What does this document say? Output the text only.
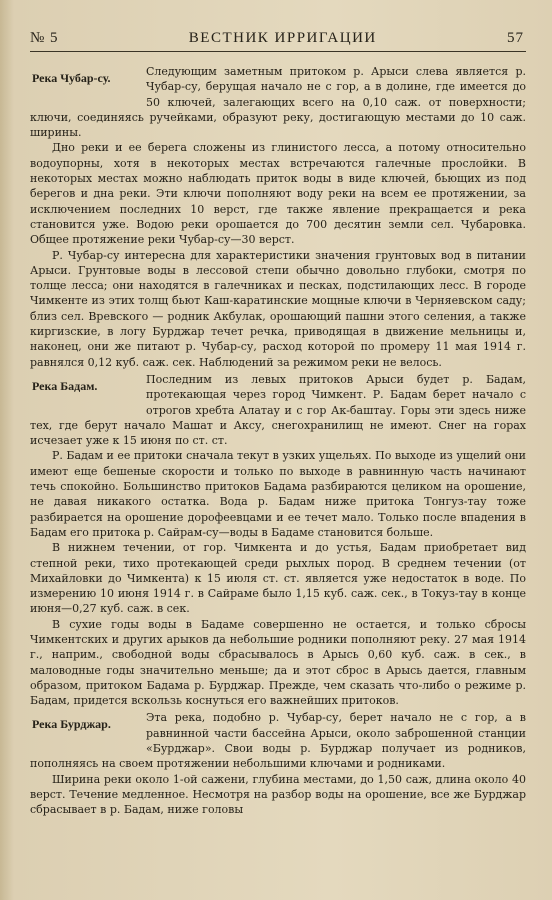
№ 5	ВЕСТНИК ИРРИГАЦИИ	57
Река Чубар-су.	Следующим заметным притоком р. Арыси слева является р. Чубар-су, берущая начало не с гор, а в долине, где имеется до 50 ключей, залегающих всего на 0,10 саж. от поверхности; ключи, соединяясь ручейками, образуют реку, достигающую местами до 10 саж. ширины.

Дно реки и ее берега сложены из глинистого лесса, а потому относительно водоупорны, хотя в некоторых местах встречаются галечные прослойки. В некоторых местах можно наблюдать приток воды в виде ключей, бьющих из под берегов и дна реки. Эти ключи пополняют воду реки на всем ее протяжении, за исключением последних 10 верст, где также явление прекращается и река становится уже. Водою реки орошается до 700 десятин земли сел. Чубаровка. Общее протяжение реки Чубар-су—30 верст.

Р. Чубар-су интересна для характеристики значения грунтовых вод в питании Арыси. Грунтовые воды в лессовой степи обычно довольно глубоки, смотря по толще лесса; они находятся в галечниках и песках, подстилающих лесс. В городе Чимкенте из этих толщ бьют Каш-каратинские мощные ключи в Черняевском саду; близ сел. Вревского — родник Акбулак, орошающий пашни этого селения, а также киргизские, в логу Бурджар течет речка, приводящая в движение мельницы и, наконец, они же питают р. Чубар-су, расход которой по промеру 11 мая 1914 г. равнялся 0,12 куб. саж. сек. Наблюдений за режимом реки не велось.

Река Бадам.	Последним из левых притоков Арыси будет р. Бадам, протекающая через город Чимкент. Р. Бадам берет начало с отрогов хребта Алатау и с гор Ак-баштау. Горы эти здесь ниже тех, где берут начало Машат и Аксу, снегохранилищ не имеют. Снег на горах исчезает уже к 15 июня по ст. ст.

Р. Бадам и ее притоки сначала текут в узких ущельях. По выходе из ущелий они имеют еще бешеные скорости и только по выходе в равнинную часть начинают течь спокойно. Большинство притоков Бадама разбираются целиком на орошение, не давая никакого остатка. Вода р. Бадам ниже притока Тонгуз-тау тоже разбирается на орошение дорофеевцами и ее течет мало. Только после впадения в Бадам его притока р. Сайрам-су—воды в Бадаме становится больше.

В нижнем течении, от гор. Чимкента и до устья, Бадам приобретает вид степной реки, тихо протекающей среди рыхлых пород. В среднем течении (от Михайловки до Чимкента) к 15 июля ст. ст. является уже недостаток в воде. По измерению 10 июня 1914 г. в Сайраме было 1,15 куб. саж. сек., в Токуз-тау в конце июня—0,27 куб. саж. в сек.

В сухие годы воды в Бадаме совершенно не остается, и только сбросы Чимкентских и других арыков да небольшие родники пополняют реку. 27 мая 1914 г., наприм., свободной воды сбрасывалось в Арысь 0,60 куб. саж. в сек., в маловодные годы значительно меньше; да и этот сброс в Арысь дается, главным образом, притоком Бадама р. Бурджар. Прежде, чем сказать что-либо о режиме р. Бадам, придется вскользь коснуться его важнейших притоков.

Река Бурджар.	Эта река, подобно р. Чубар-су, берет начало не с гор, а в равнинной части бассейна Арыси, около заброшенной станции «Бурджар». Свои воды р. Бурджар получает из родников, пополняясь на своем протяжении небольшими ключами и родниками.

Ширина реки около 1-ой сажени, глубина местами, до 1,50 саж, длина около 40 верст. Течение медленное. Несмотря на разбор воды на орошение, все же Бурджар сбрасывает в р. Бадам, ниже головы
